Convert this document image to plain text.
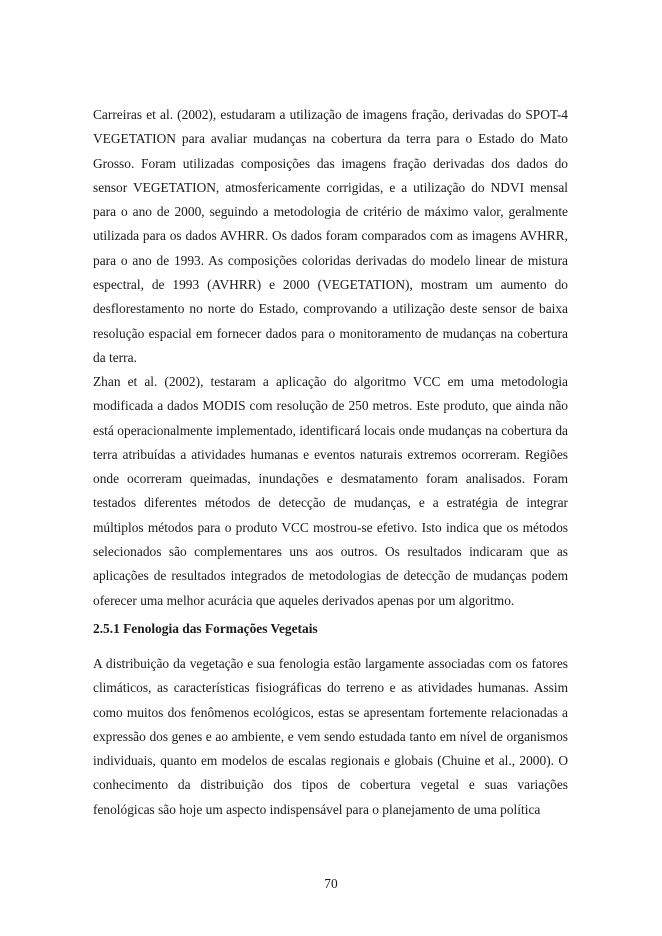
Carreiras et al. (2002), estudaram a utilização de imagens fração, derivadas do SPOT-4 VEGETATION para avaliar mudanças na cobertura da terra para o Estado do Mato Grosso. Foram utilizadas composições das imagens fração derivadas dos dados do sensor VEGETATION, atmosfericamente corrigidas, e a utilização do NDVI mensal para o ano de 2000, seguindo a metodologia de critério de máximo valor, geralmente utilizada para os dados AVHRR. Os dados foram comparados com as imagens AVHRR, para o ano de 1993. As composições coloridas derivadas do modelo linear de mistura espectral, de 1993 (AVHRR) e 2000 (VEGETATION), mostram um aumento do desflorestamento no norte do Estado, comprovando a utilização deste sensor de baixa resolução espacial em fornecer dados para o monitoramento de mudanças na cobertura da terra.

Zhan et al. (2002), testaram a aplicação do algoritmo VCC em uma metodologia modificada a dados MODIS com resolução de 250 metros. Este produto, que ainda não está operacionalmente implementado, identificará locais onde mudanças na cobertura da terra atribuídas a atividades humanas e eventos naturais extremos ocorreram. Regiões onde ocorreram queimadas, inundações e desmatamento foram analisados. Foram testados diferentes métodos de detecção de mudanças, e a estratégia de integrar múltiplos métodos para o produto VCC mostrou-se efetivo. Isto indica que os métodos selecionados são complementares uns aos outros. Os resultados indicaram que as aplicações de resultados integrados de metodologias de detecção de mudanças podem oferecer uma melhor acurácia que aqueles derivados apenas por um algoritmo.

2.5.1 Fenologia das Formações Vegetais

A distribuição da vegetação e sua fenologia estão largamente associadas com os fatores climáticos, as características fisiográficas do terreno e as atividades humanas. Assim como muitos dos fenômenos ecológicos, estas se apresentam fortemente relacionadas a expressão dos genes e ao ambiente, e vem sendo estudada tanto em nível de organismos individuais, quanto em modelos de escalas regionais e globais (Chuine et al., 2000). O conhecimento da distribuição dos tipos de cobertura vegetal e suas variações fenológicas são hoje um aspecto indispensável para o planejamento de uma política

70
